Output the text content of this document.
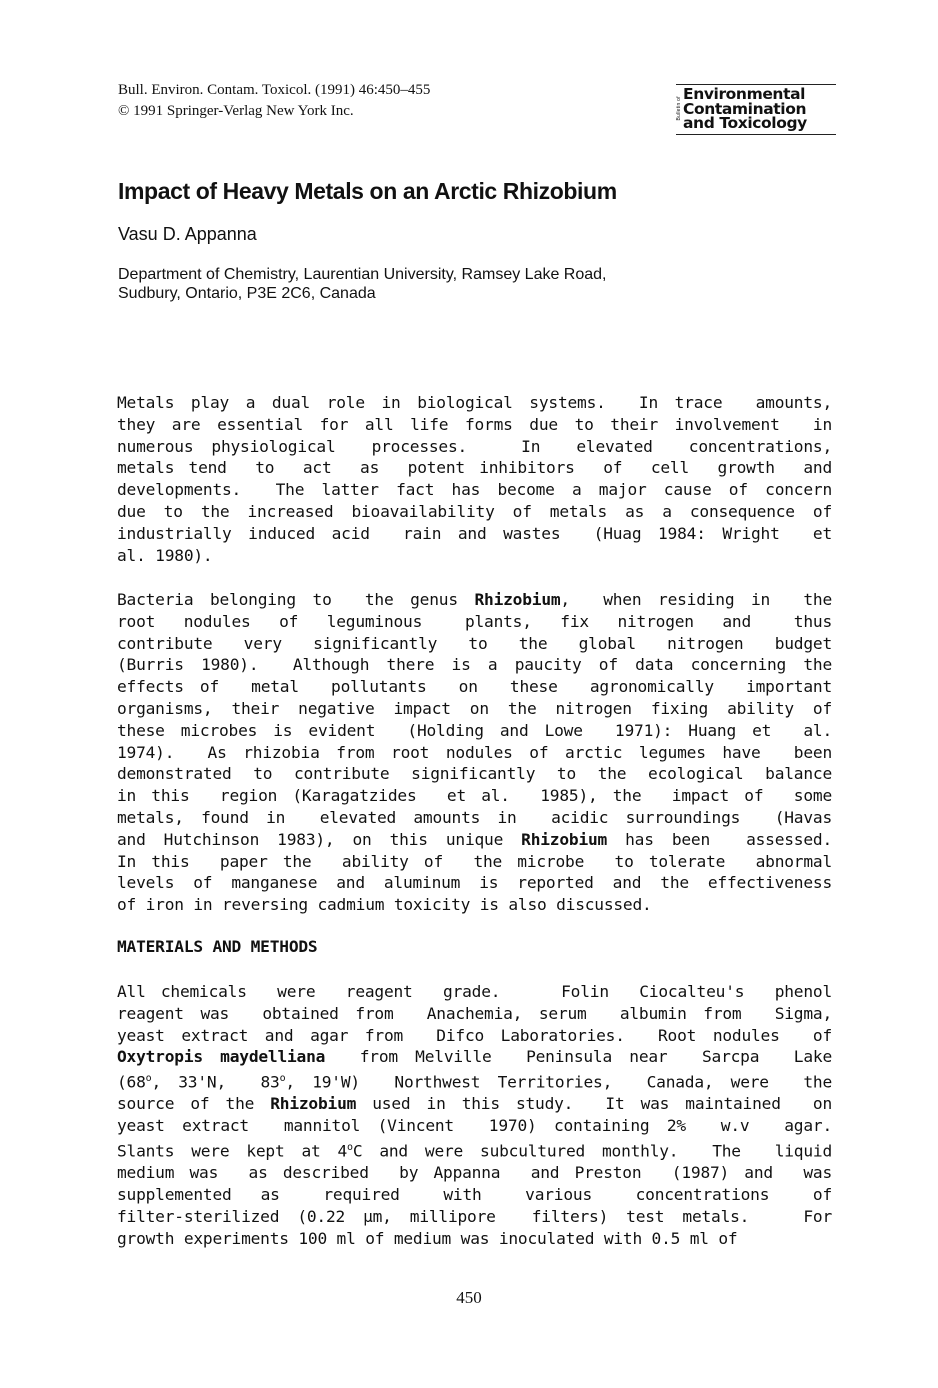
Bull. Environ. Contam. Toxicol. (1991) 46:450–455
© 1991 Springer-Verlag New York Inc.	Bulletin of
Environmental
Contamination
and Toxicology
Impact of Heavy Metals on an Arctic Rhizobium
Vasu D. Appanna
Department of Chemistry, Laurentian University, Ramsey Lake Road,
Sudbury, Ontario, P3E 2C6, Canada
Metals play a dual role in biological systems.  In trace  amounts,
they are essential for all life forms due to their involvement  in
numerous physiological  processes.   In  elevated  concentrations,
metals tend  to  act  as  potent inhibitors  of  cell  growth  and
developments.  The latter fact has become a major cause of concern
due to the increased bioavailability of metals as a consequence of
industrially induced acid  rain and wastes  (Huag 1984: Wright  et
al. 1980).
Bacteria belonging to  the genus Rhizobium,  when residing in  the
root  nodules  of  leguminous   plants,  fix  nitrogen  and   thus
contribute  very  significantly  to  the  global  nitrogen  budget
(Burris 1980).  Although there is a paucity of data concerning the
effects of  metal  pollutants  on  these  agronomically  important
organisms, their negative impact on the nitrogen fixing ability of
these microbes is evident  (Holding and Lowe  1971): Huang et  al.
1974).  As rhizobia from root nodules of arctic legumes have  been
demonstrated to contribute significantly to the ecological balance
in this  region (Karagatzides  et al.  1985), the  impact of  some
metals, found in  elevated amounts in  acidic surroundings  (Havas
and Hutchinson 1983), on this unique Rhizobium has been  assessed.
In this  paper the  ability of  the microbe  to tolerate  abnormal
levels of manganese and aluminum is reported and the effectiveness
of iron in reversing cadmium toxicity is also discussed.
MATERIALS AND METHODS
All chemicals  were  reagent  grade.    Folin  Ciocalteu's  phenol
reagent was  obtained from  Anachemia, serum  albumin from  Sigma,
yeast extract and agar from  Difco Laboratories.  Root nodules  of
Oxytropis maydelliana  from Melville  Peninsula near  Sarcpa  Lake
(68$^o$, 33'N,  83$^o$, 19'W)  Northwest Territories,  Canada, were  the
source of the Rhizobium used in this study.  It was maintained  on
yeast extract  mannitol (Vincent  1970) containing 2%  w.v  agar.
Slants were kept at 4$^o$C and were subcultured monthly.  The  liquid
medium was  as described  by Appanna  and Preston  (1987) and  was
supplemented  as   required   with   various   concentrations   of
filter-sterilized (0.22 µm, millipore  filters) test metals.   For
growth experiments 100 ml of medium was inoculated with 0.5 ml of
450
